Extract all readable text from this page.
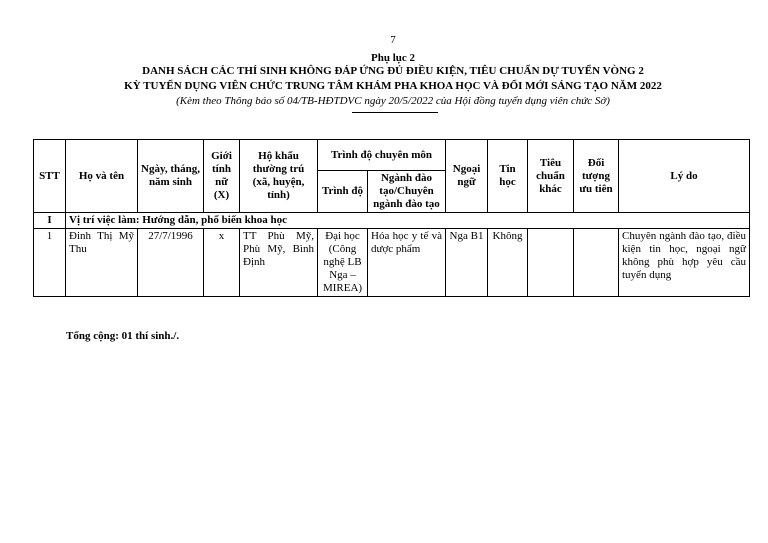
7
Phụ lục 2
DANH SÁCH CÁC THÍ SINH KHÔNG ĐÁP ỨNG ĐỦ ĐIỀU KIỆN, TIÊU CHUẨN DỰ TUYỂN VÒNG 2
KỲ TUYỂN DỤNG VIÊN CHỨC TRUNG TÂM KHÁM PHA KHOA HỌC VÀ ĐỔI MỚI SÁNG TẠO NĂM 2022
(Kèm theo Thông báo số 04/TB-HĐTDVC ngày 20/5/2022 của Hội đồng tuyển dụng viên chức Sở)
STT	Họ và tên	Ngày, tháng, năm sinh	Giới tính nữ (X)	Hộ khẩu thường trú (xã, huyện, tỉnh)	Trình độ chuyên môn		Ngoại ngữ	Tin học	Tiêu chuẩn khác	Đối tượng ưu tiên	Lý do
					Trình độ	Ngành đào tạo/Chuyên ngành đào tạo					
I	Vị trí việc làm: Hướng dẫn, phổ biến khoa học										
1	Đinh Thị Mỹ Thu	27/7/1996	x	TT Phù Mỹ, Phù Mỹ, Bình Định	Đại học (Công nghệ LB Nga – MIREA)	Hóa học y tế và dược phẩm	Nga B1	Không			Chuyên ngành đào tạo, điều kiện tin học, ngoại ngữ không phù hợp yêu cầu tuyển dụng
Tổng cộng: 01 thí sinh./.
